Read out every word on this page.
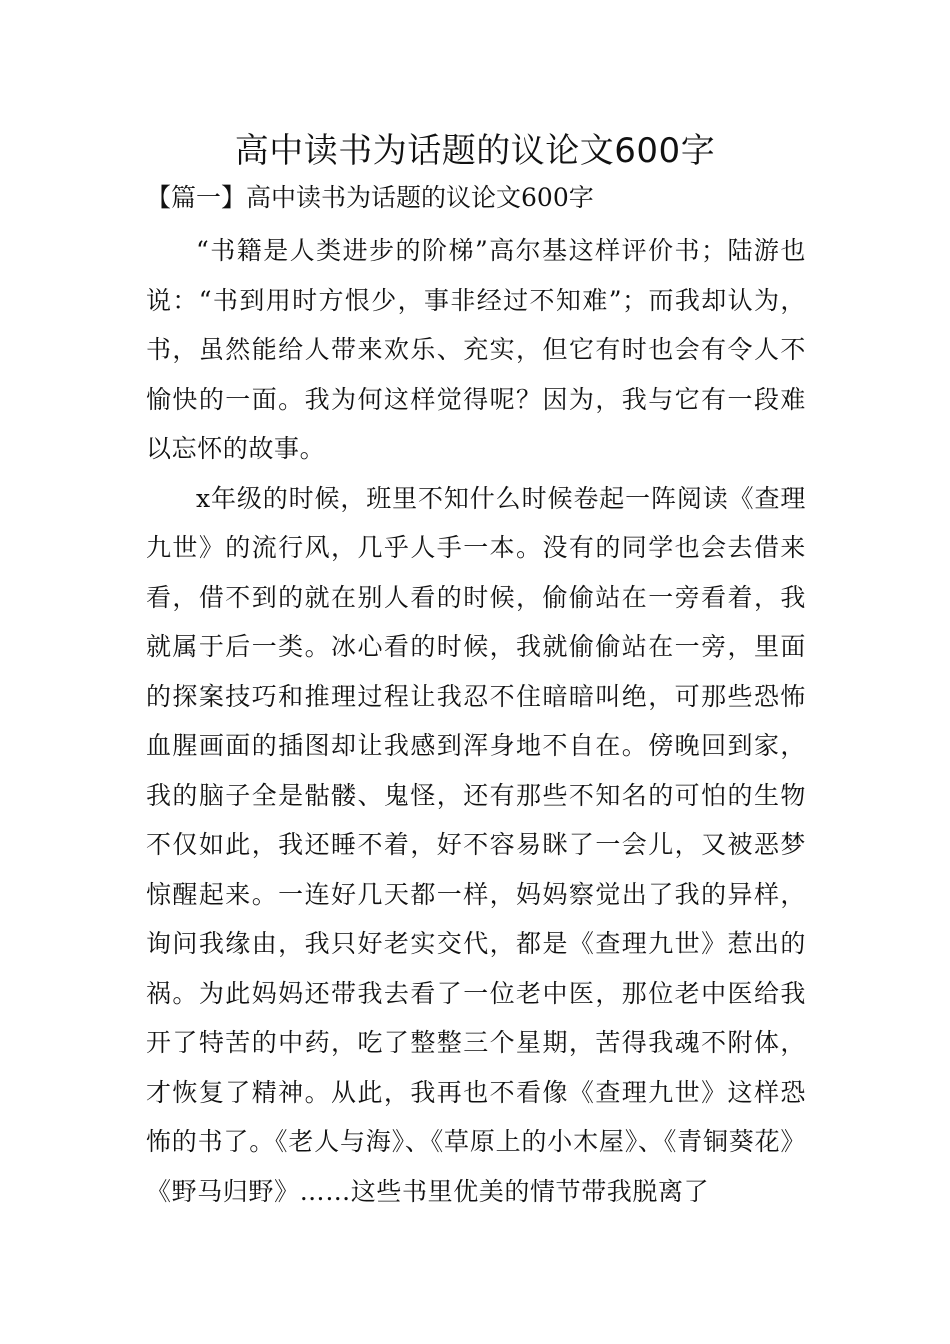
高中读书为话题的议论文600字

【篇一】高中读书为话题的议论文600字

“书籍是人类进步的阶梯”高尔基这样评价书；陆游也说：“书到用时方恨少，事非经过不知难”；而我却认为，书，虽然能给人带来欢乐、充实，但它有时也会有令人不愉快的一面。我为何这样觉得呢？因为，我与它有一段难以忘怀的故事。

x年级的时候，班里不知什么时候卷起一阵阅读《查理九世》的流行风，几乎人手一本。没有的同学也会去借来看，借不到的就在别人看的时候，偷偷站在一旁看着，我就属于后一类。冰心看的时候，我就偷偷站在一旁，里面的探案技巧和推理过程让我忍不住暗暗叫绝，可那些恐怖血腥画面的插图却让我感到浑身地不自在。傍晚回到家，我的脑子全是骷髅、鬼怪，还有那些不知名的可怕的生物不仅如此，我还睡不着，好不容易眯了一会儿，又被恶梦惊醒起来。一连好几天都一样，妈妈察觉出了我的异样，询问我缘由，我只好老实交代，都是《查理九世》惹出的祸。为此妈妈还带我去看了一位老中医，那位老中医给我开了特苦的中药，吃了整整三个星期，苦得我魂不附体，才恢复了精神。从此，我再也不看像《查理九世》这样恐怖的书了。《老人与海》、《草原上的小木屋》、《青铜葵花》《野马归野》……这些书里优美的情节带我脱离了
